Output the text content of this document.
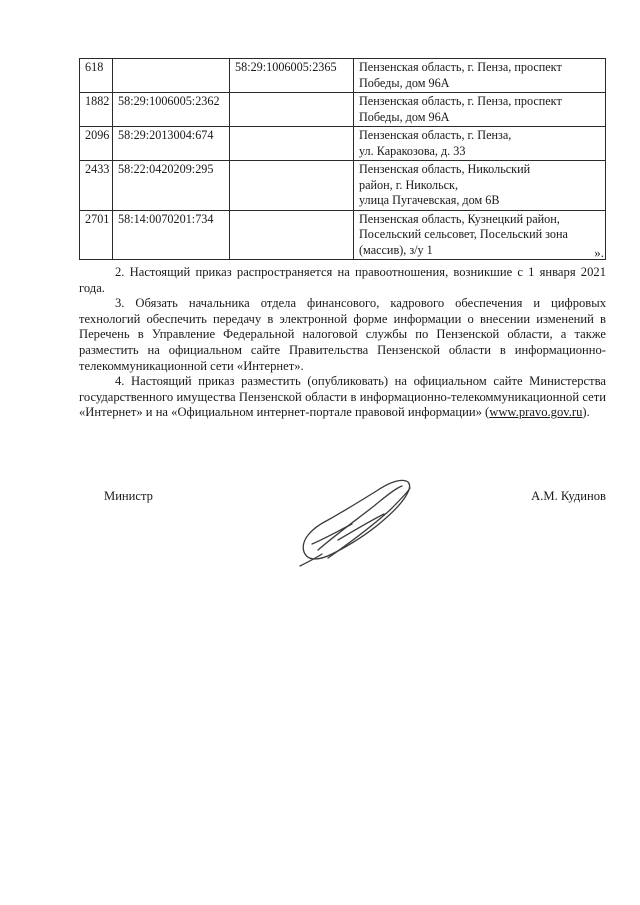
618		58:29:1006005:2365	Пензенская область, г. Пенза, проспект
Победы, дом 96А

1882	58:29:1006005:2362		Пензенская область, г. Пенза, проспект
Победы, дом 96А

2096	58:29:2013004:674		Пензенская область, г. Пенза,
ул. Каракозова, д. 33

2433	58:22:0420209:295		Пензенская область, Никольский
район, г. Никольск,
улица Пугачевская, дом 6В

2701	58:14:0070201:734		Пензенская область, Кузнецкий район,
Посельский сельсовет, Посельский зона
(массив), з/у 1	».

2. Настоящий приказ распространяется на правоотношения, возникшие с 1 января 2021 года.

3. Обязать начальника отдела финансового, кадрового обеспечения и цифровых технологий обеспечить передачу в электронной форме информации о внесении изменений в Перечень в Управление Федеральной налоговой службы по Пензенской области, а также разместить на официальном сайте Правительства Пензенской области в информационно-телекоммуникационной сети «Интернет».

4. Настоящий приказ разместить (опубликовать) на официальном сайте Министерства государственного имущества Пензенской области в информационно-телекоммуникационной сети «Интернет» и на «Официальном интернет-портале правовой информации» (www.pravo.gov.ru).

Министр	А.М. Кудинов
